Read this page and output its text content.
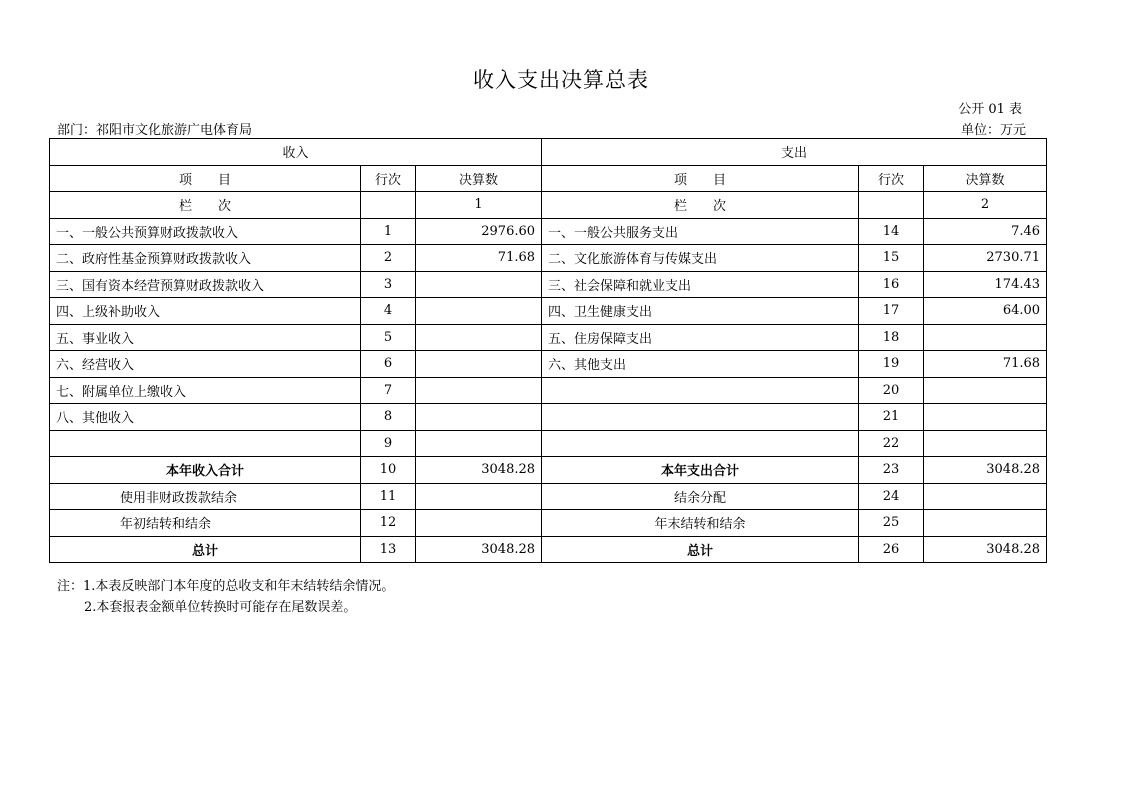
收入支出决算总表
公开 01 表
部门：祁阳市文化旅游广电体育局	单位：万元
收入			支出		
项　　目	行次	决算数	项　　目	行次	决算数
栏　　次		1	栏　　次		2
一、一般公共预算财政拨款收入	1	2976.60	一、一般公共服务支出	14	7.46
二、政府性基金预算财政拨款收入	2	71.68	二、文化旅游体育与传媒支出	15	2730.71
三、国有资本经营预算财政拨款收入	3		三、社会保障和就业支出	16	174.43
四、上级补助收入	4		四、卫生健康支出	17	64.00
五、事业收入	5		五、住房保障支出	18	
六、经营收入	6		六、其他支出	19	71.68
七、附属单位上缴收入	7			20	
八、其他收入	8			21	
	9			22	
本年收入合计	10	3048.28	本年支出合计	23	3048.28
使用非财政拨款结余	11		结余分配	24	
年初结转和结余	12		年末结转和结余	25	
总计	13	3048.28	总计	26	3048.28
注：1.本表反映部门本年度的总收支和年末结转结余情况。
2.本套报表金额单位转换时可能存在尾数误差。
